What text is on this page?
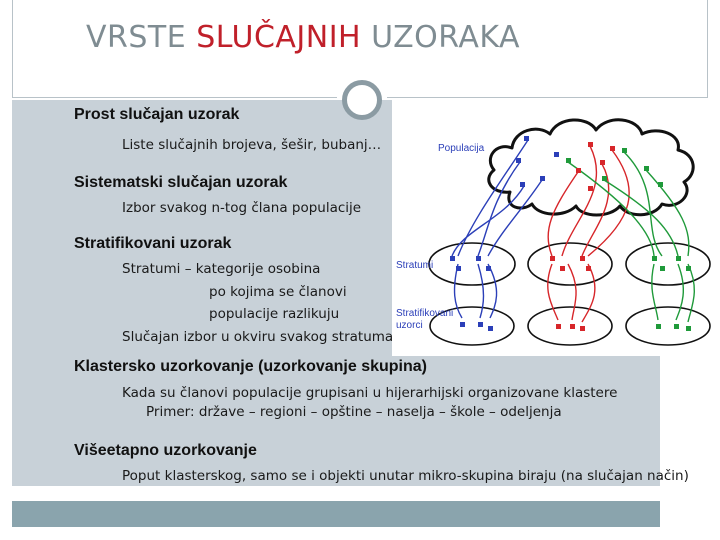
VRSTE SLUČAJNIH UZORAKA
Populacija
Stratumi
Stratifikovani
uzorci
Prost slučajan uzorak
Liste slučajnih brojeva, šešir, bubanj…
Sistematski slučajan uzorak
Izbor svakog n-tog člana populacije
Stratifikovani uzorak
Stratumi – kategorije osobina
po kojima se članovi
populacije razlikuju
Slučajan izbor u okviru svakog stratuma
Klastersko uzorkovanje (uzorkovanje skupina)
Kada su članovi populacije grupisani u hijerarhijski organizovane klastere
Primer: države – regioni – opštine – naselja – škole – odeljenja
Višeetapno uzorkovanje
Poput klasterskog, samo se i objekti unutar mikro-skupina biraju (na slučajan način)
